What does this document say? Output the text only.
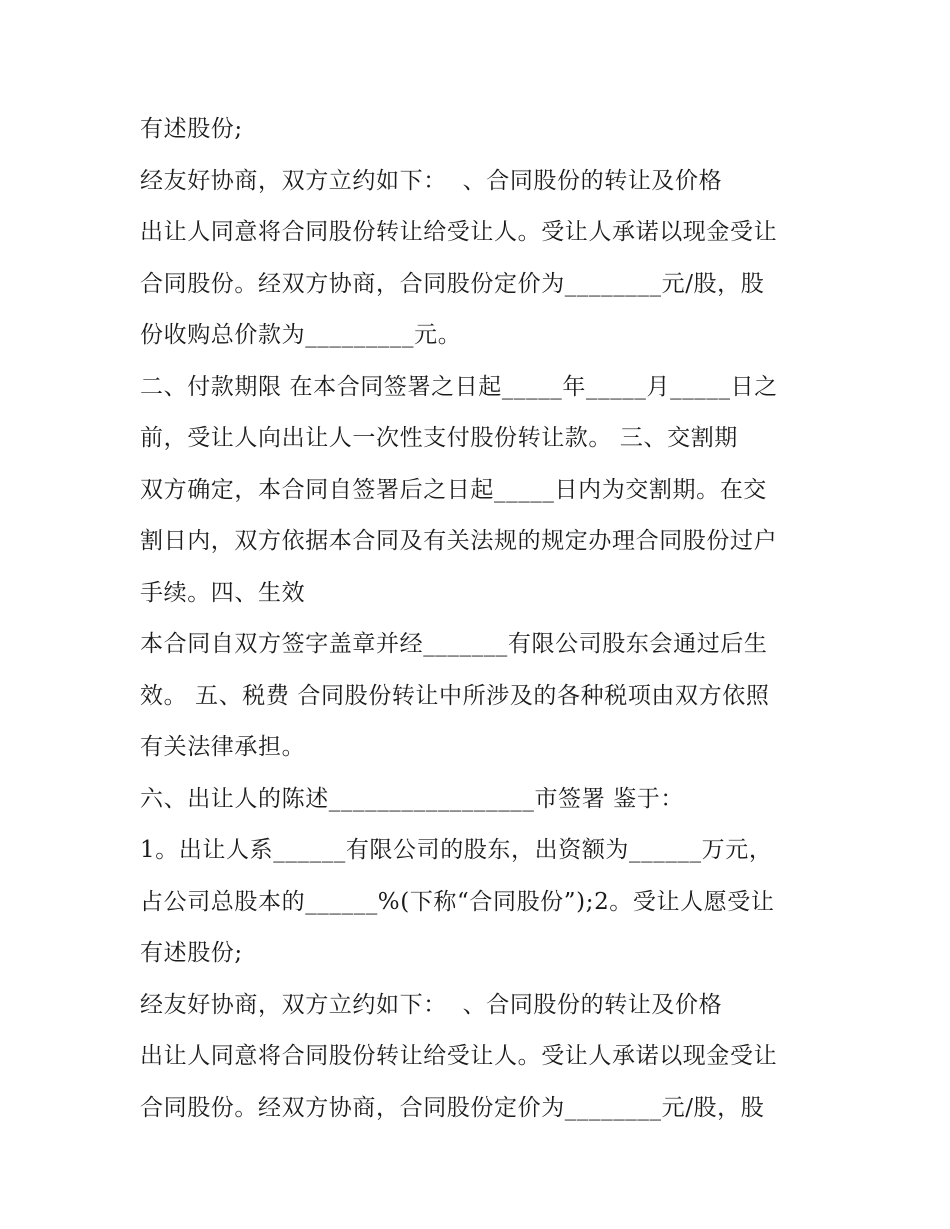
有述股份;
经友好协商，双方立约如下：  、合同股份的转让及价格
出让人同意将合同股份转让给受让人。受让人承诺以现金受让
合同股份。经双方协商，合同股份定价为________元/股，股
份收购总价款为_________元。
二、付款期限 在本合同签署之日起_____年_____月_____日之
前，受让人向出让人一次性支付股份转让款。 三、交割期
双方确定，本合同自签署后之日起_____日内为交割期。在交
割日内，双方依据本合同及有关法规的规定办理合同股份过户
手续。四、生效
本合同自双方签字盖章并经_______有限公司股东会通过后生
效。 五、税费 合同股份转让中所涉及的各种税项由双方依照
有关法律承担。
六、出让人的陈述_________________市签署 鉴于：
1。出让人系______有限公司的股东，出资额为______万元，
占公司总股本的______%(下称“合同股份”);2。受让人愿受让
有述股份;
经友好协商，双方立约如下：  、合同股份的转让及价格
出让人同意将合同股份转让给受让人。受让人承诺以现金受让
合同股份。经双方协商，合同股份定价为________元/股，股
